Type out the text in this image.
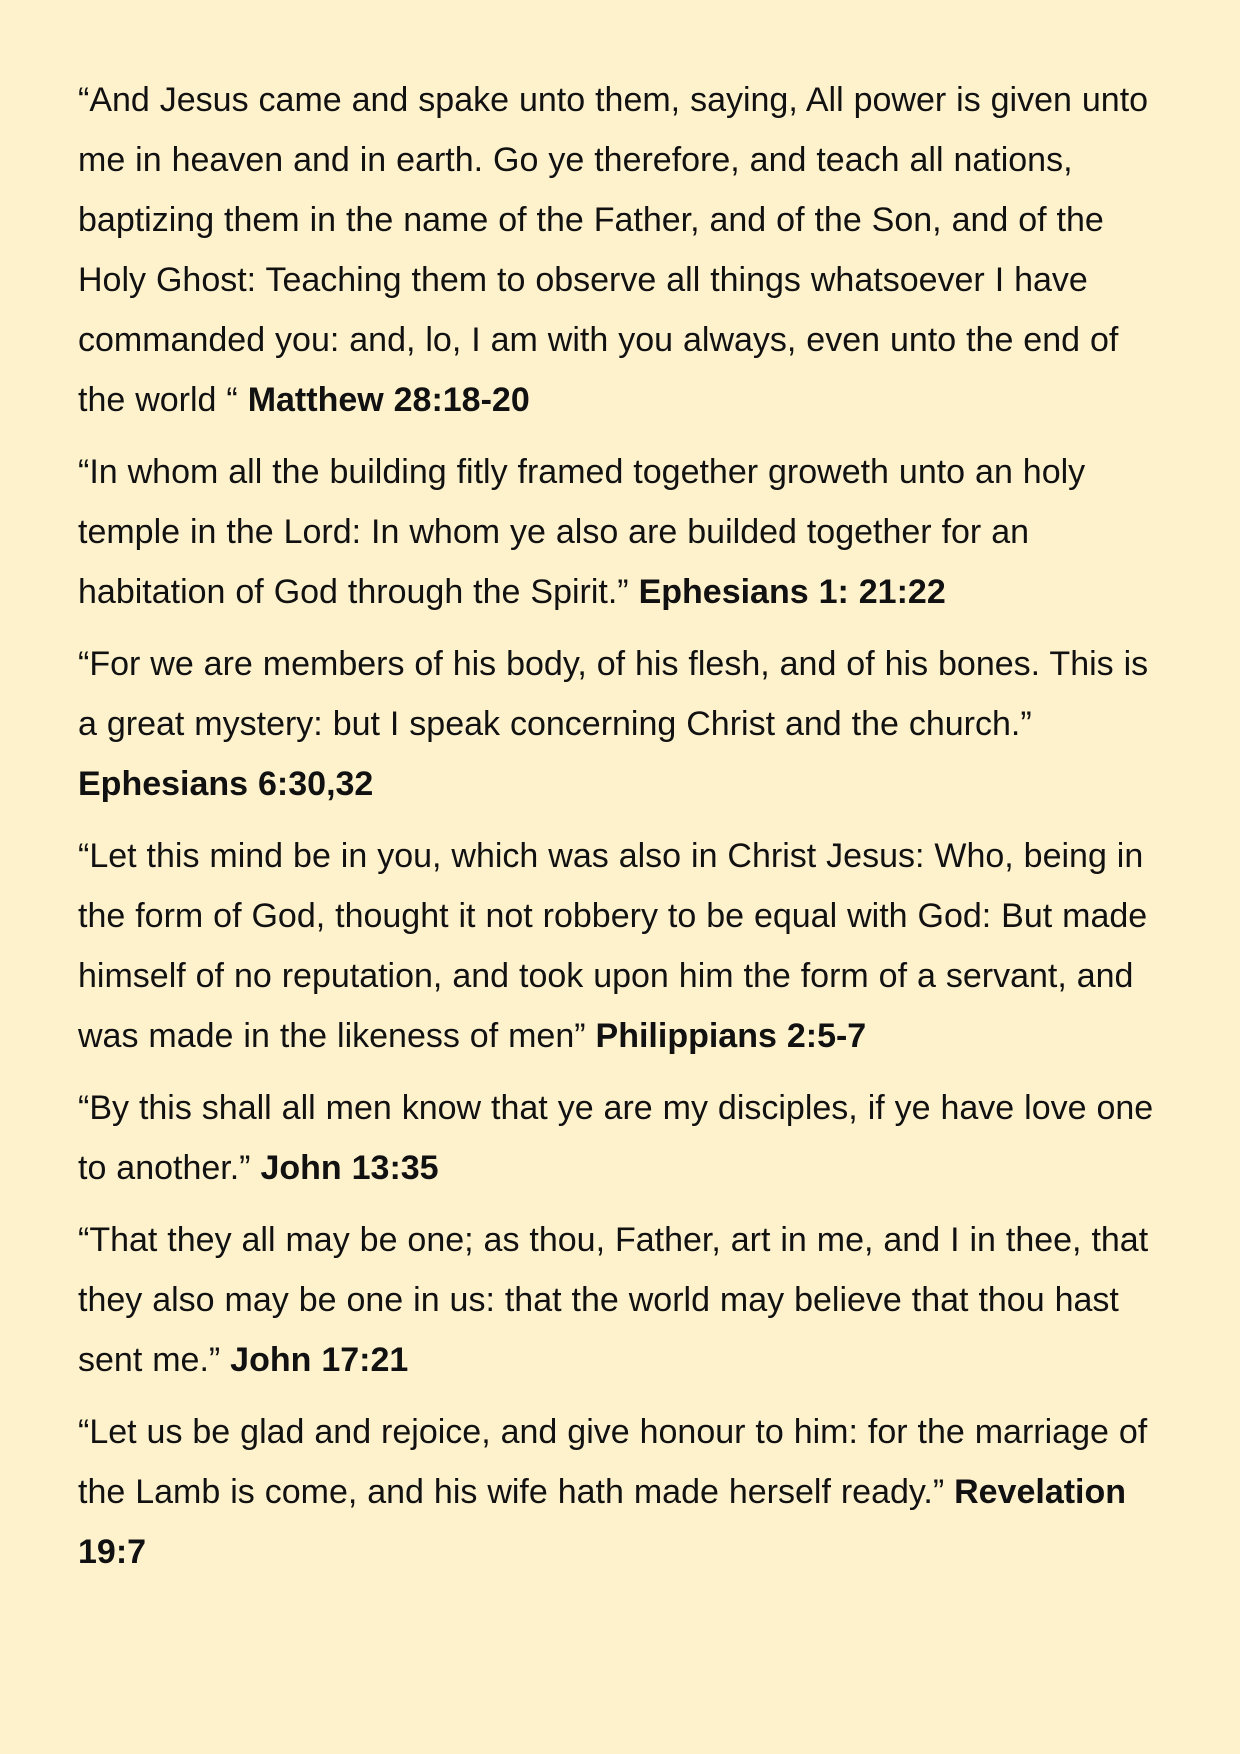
“And Jesus came and spake unto them, saying, All power is given unto me in heaven and in earth. Go ye therefore, and teach all nations, baptizing them in the name of the Father, and of the Son, and of the Holy Ghost: Teaching them to observe all things whatsoever I have commanded you: and, lo, I am with you always, even unto the end of the world “ Matthew 28:18-20

“In whom all the building fitly framed together groweth unto an holy temple in the Lord: In whom ye also are builded together for an habitation of God through the Spirit.” Ephesians 1: 21:22

“For we are members of his body, of his flesh, and of his bones. This is a great mystery: but I speak concerning Christ and the church.” Ephesians 6:30,32

“Let this mind be in you, which was also in Christ Jesus: Who, being in the form of God, thought it not robbery to be equal with God: But made himself of no reputation, and took upon him the form of a servant, and was made in the likeness of men” Philippians 2:5-7

“By this shall all men know that ye are my disciples, if ye have love one to another.” John 13:35

“That they all may be one; as thou, Father, art in me, and I in thee, that they also may be one in us: that the world may believe that thou hast sent me.” John 17:21

“Let us be glad and rejoice, and give honour to him: for the marriage of the Lamb is come, and his wife hath made herself ready.” Revelation 19:7
